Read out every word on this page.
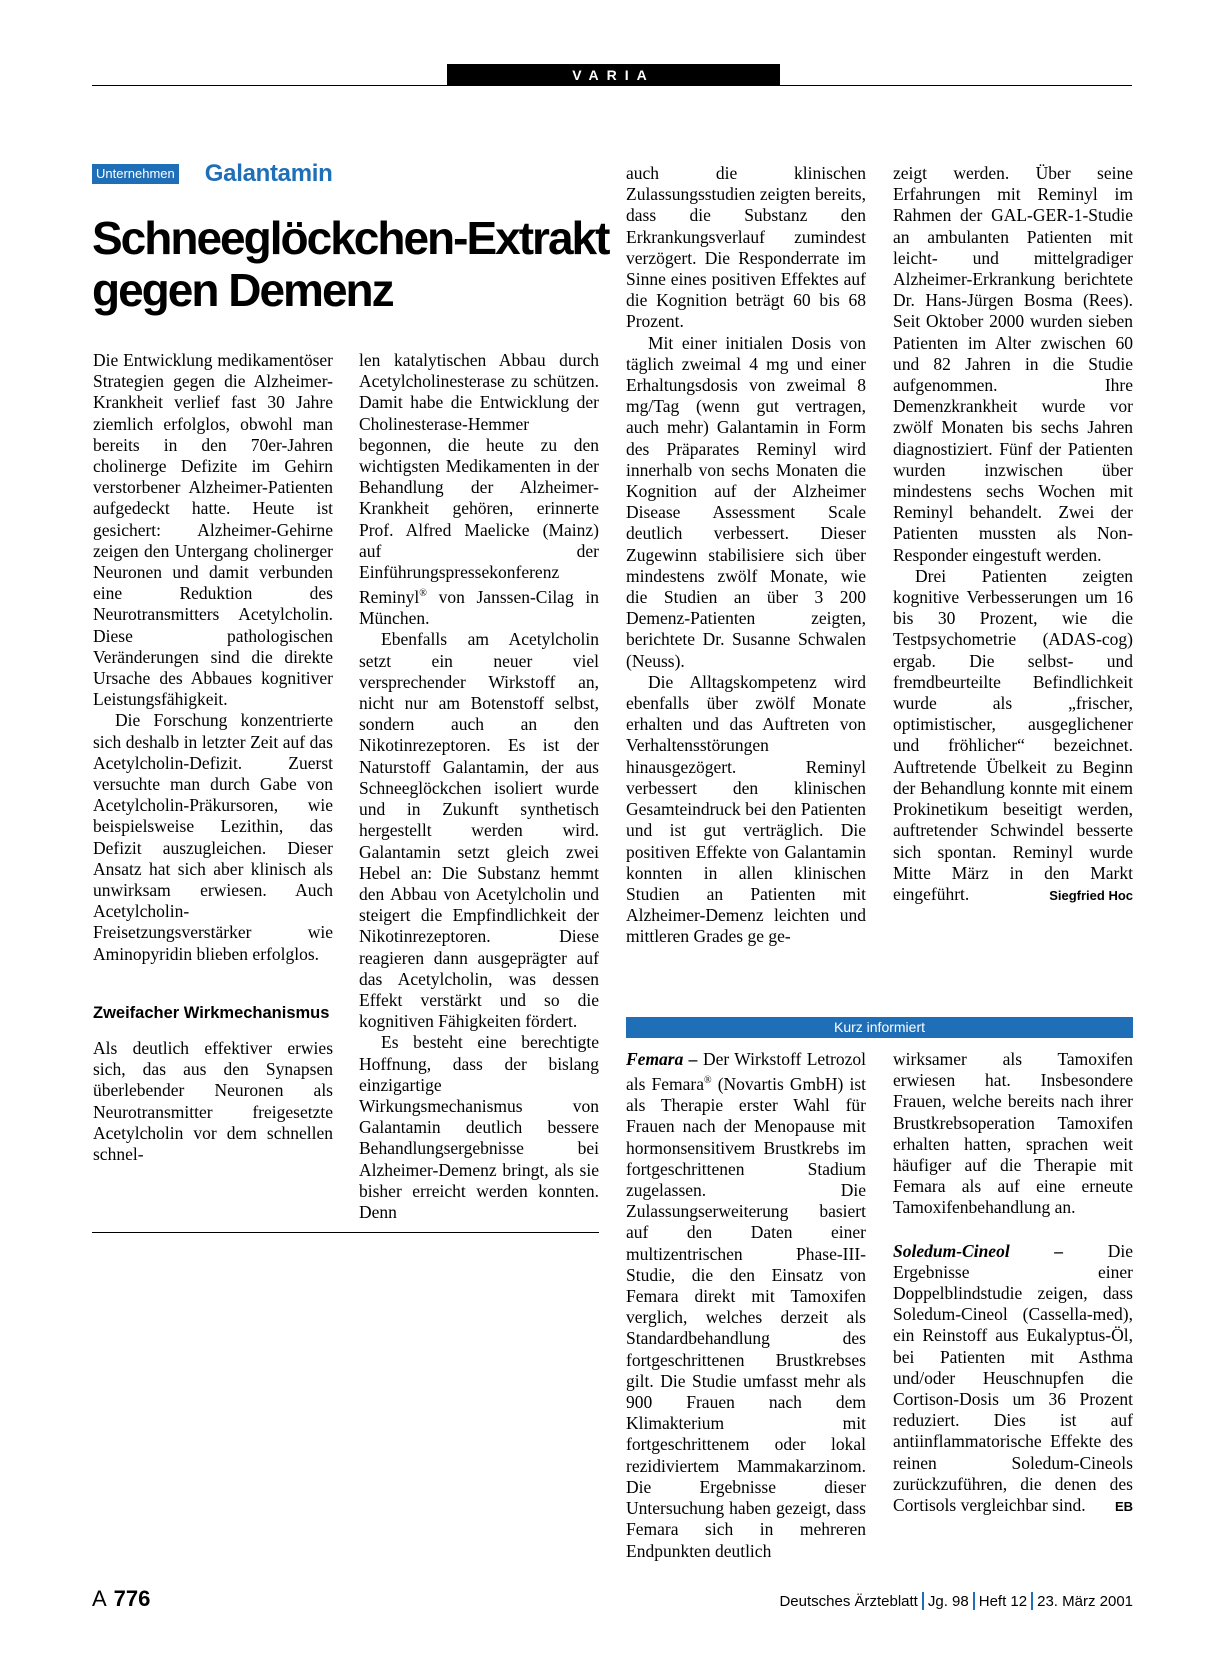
VARIA
Unternehmen Galantamin
Schneeglöckchen-Extrakt gegen Demenz

Die Entwicklung medikamentöser Strategien gegen die Alzheimer-Krankheit verlief fast 30 Jahre ziemlich erfolglos, obwohl man bereits in den 70er-Jahren cholinerge Defizite im Gehirn verstorbener Alzheimer-Patienten aufgedeckt hatte. Heute ist gesichert: Alzheimer-Gehirne zeigen den Untergang cholinerger Neuronen und damit verbunden eine Reduktion des Neurotransmitters Acetylcholin. Diese pathologischen Veränderungen sind die direkte Ursache des Abbaues kognitiver Leistungsfähigkeit.

Die Forschung konzentrierte sich deshalb in letzter Zeit auf das Acetylcholin-Defizit. Zuerst versuchte man durch Gabe von Acetylcholin-Präkursoren, wie beispielsweise Lezithin, das Defizit auszugleichen. Dieser Ansatz hat sich aber klinisch als unwirksam erwiesen. Auch Acetylcholin-Freisetzungsverstärker wie Aminopyridin blieben erfolglos.

Zweifacher Wirkmechanismus

Als deutlich effektiver erwies sich, das aus den Synapsen überlebender Neuronen als Neurotransmitter freigesetzte Acetylcholin vor dem schnellen schnel-

len katalytischen Abbau durch Acetylcholinesterase zu schützen. Damit habe die Entwicklung der Cholinesterase-Hemmer begonnen, die heute zu den wichtigsten Medikamenten in der Behandlung der Alzheimer-Krankheit gehören, erinnerte Prof. Alfred Maelicke (Mainz) auf der Einführungspressekonferenz Reminyl® von Janssen-Cilag in München.

Ebenfalls am Acetylcholin setzt ein neuer viel versprechender Wirkstoff an, nicht nur am Botenstoff selbst, sondern auch an den Nikotinrezeptoren. Es ist der Naturstoff Galantamin, der aus Schneeglöckchen isoliert wurde und in Zukunft synthetisch hergestellt werden wird. Galantamin setzt gleich zwei Hebel an: Die Substanz hemmt den Abbau von Acetylcholin und steigert die Empfindlichkeit der Nikotinrezeptoren. Diese reagieren dann ausgeprägter auf das Acetylcholin, was dessen Effekt verstärkt und so die kognitiven Fähigkeiten fördert.

Es besteht eine berechtigte Hoffnung, dass der bislang einzigartige Wirkungsmechanismus von Galantamin deutlich bessere Behandlungsergebnisse bei Alzheimer-Demenz bringt, als sie bisher erreicht werden konnten. Denn

auch die klinischen Zulassungsstudien zeigten bereits, dass die Substanz den Erkrankungsverlauf zumindest verzögert. Die Responderrate im Sinne eines positiven Effektes auf die Kognition beträgt 60 bis 68 Prozent.

Mit einer initialen Dosis von täglich zweimal 4 mg und einer Erhaltungsdosis von zweimal 8 mg/Tag (wenn gut vertragen, auch mehr) Galantamin in Form des Präparates Reminyl wird innerhalb von sechs Monaten die Kognition auf der Alzheimer Disease Assessment Scale deutlich verbessert. Dieser Zugewinn stabilisiere sich über mindestens zwölf Monate, wie die Studien an über 3 200 Demenz-Patienten zeigten, berichtete Dr. Susanne Schwalen (Neuss).

Die Alltagskompetenz wird ebenfalls über zwölf Monate erhalten und das Auftreten von Verhaltensstörungen hinausgezögert. Reminyl verbessert den klinischen Gesamteindruck bei den Patienten und ist gut verträglich. Die positiven Effekte von Galantamin konnten in allen klinischen Studien an Patienten mit Alzheimer-Demenz leichten und mittleren Grades ge ge-

zeigt werden. Über seine Erfahrungen mit Reminyl im Rahmen der GAL-GER-1-Studie an ambulanten Patienten mit leicht- und mittelgradiger Alzheimer-Erkrankung berichtete Dr. Hans-Jürgen Bosma (Rees). Seit Oktober 2000 wurden sieben Patienten im Alter zwischen 60 und 82 Jahren in die Studie aufgenommen. Ihre Demenzkrankheit wurde vor zwölf Monaten bis sechs Jahren diagnostiziert. Fünf der Patienten wurden inzwischen über mindestens sechs Wochen mit Reminyl behandelt. Zwei der Patienten mussten als Non-Responder eingestuft werden.

Drei Patienten zeigten kognitive Verbesserungen um 16 bis 30 Prozent, wie die Testpsychometrie (ADAS-cog) ergab. Die selbst- und fremdbeurteilte Befindlichkeit wurde als „frischer, optimistischer, ausgeglichener und fröhlicher“ bezeichnet. Auftretende Übelkeit zu Beginn der Behandlung konnte mit einem Prokinetikum beseitigt werden, auftretender Schwindel besserte sich spontan. Reminyl wurde Mitte März in den Markt eingeführt.	Siegfried Hoc

Kurz informiert

Femara – Der Wirkstoff Letrozol als Femara® (Novartis GmbH) ist als Therapie erster Wahl für Frauen nach der Menopause mit hormonsensitivem Brustkrebs im fortgeschrittenen Stadium zugelassen. Die Zulassungserweiterung basiert auf den Daten einer multizentrischen Phase-III-Studie, die den Einsatz von Femara direkt mit Tamoxifen verglich, welches derzeit als Standardbehandlung des fortgeschrittenen Brustkrebses gilt. Die Studie umfasst mehr als 900 Frauen nach dem Klimakterium mit fortgeschrittenem oder lokal rezidiviertem Mammakarzinom. Die Ergebnisse dieser Untersuchung haben gezeigt, dass Femara sich in mehreren Endpunkten deutlich

wirksamer als Tamoxifen erwiesen hat. Insbesondere Frauen, welche bereits nach ihrer Brustkrebsoperation Tamoxifen erhalten hatten, sprachen weit häufiger auf die Therapie mit Femara als auf eine erneute Tamoxifenbehandlung an.

Soledum-Cineol – Die Ergebnisse einer Doppelblindstudie zeigen, dass Soledum-Cineol (Cassella-med), ein Reinstoff aus Eukalyptus-Öl, bei Patienten mit Asthma und/oder Heuschnupfen die Cortison-Dosis um 36 Prozent reduziert. Dies ist auf antiinflammatorische Effekte des reinen Soledum-Cineols zurückzuführen, die denen des Cortisols vergleichbar sind. EB

A 776	Deutsches Ärzteblatt Jg. 98 Heft 12 23. März 2001
